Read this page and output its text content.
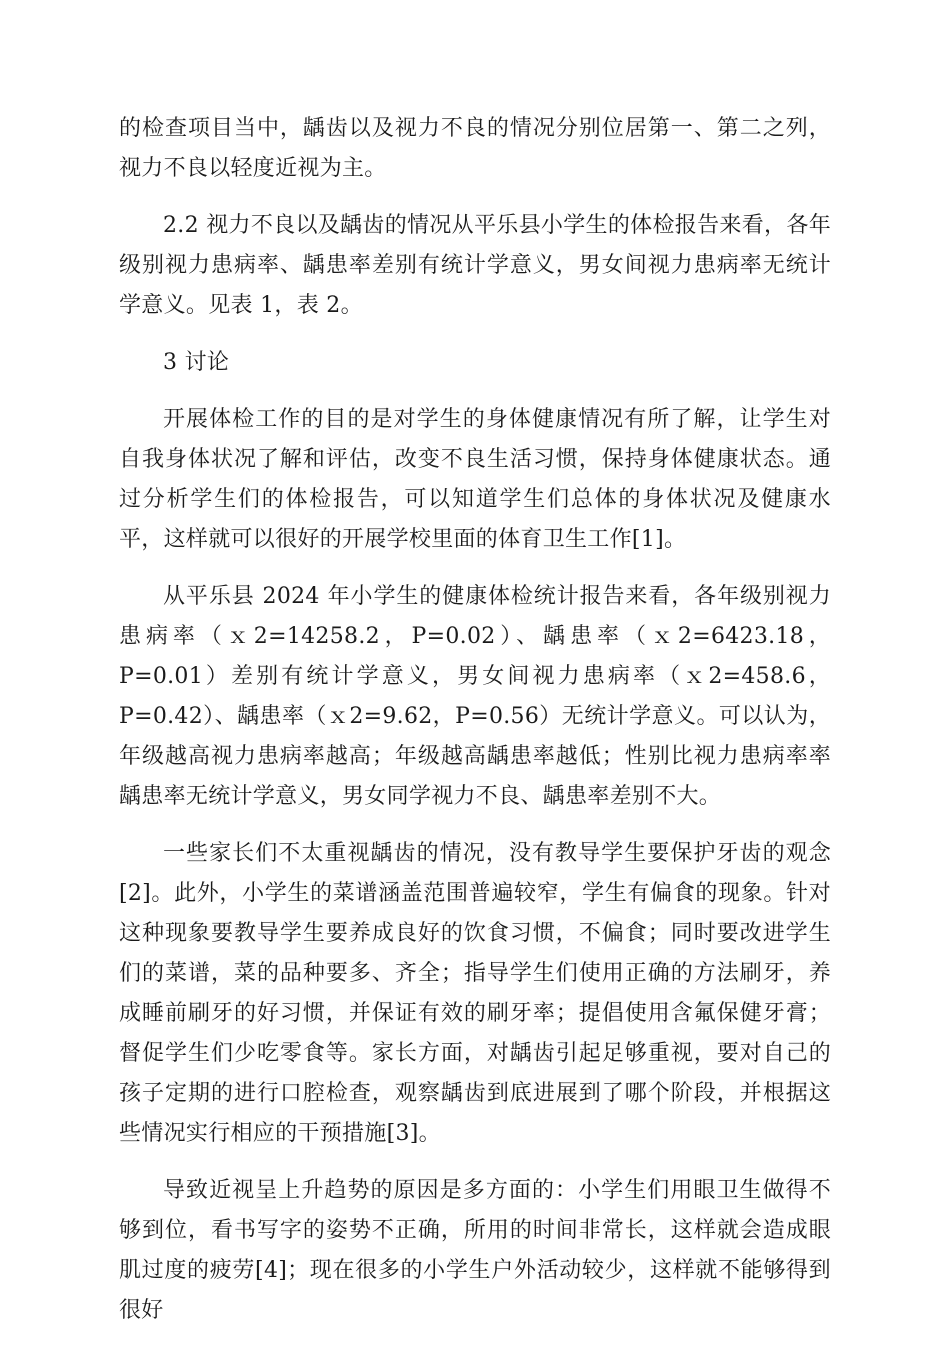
的检查项目当中，龋齿以及视力不良的情况分别位居第一、第二之列，视力不良以轻度近视为主。

2.2 视力不良以及龋齿的情况从平乐县小学生的体检报告来看，各年级别视力患病率、龋患率差别有统计学意义，男女间视力患病率无统计学意义。见表 1，表 2。

3 讨论

开展体检工作的目的是对学生的身体健康情况有所了解，让学生对自我身体状况了解和评估，改变不良生活习惯，保持身体健康状态。通过分析学生们的体检报告，可以知道学生们总体的身体状况及健康水平，这样就可以很好的开展学校里面的体育卫生工作[1]。

从平乐县 2024 年小学生的健康体检统计报告来看，各年级别视力患病率（ｘ2=14258.2，P=0.02）、龋患率（ｘ2=6423.18，P=0.01）差别有统计学意义，男女间视力患病率（ｘ2=458.6，P=0.42）、龋患率（ｘ2=9.62，P=0.56）无统计学意义。可以认为，年级越高视力患病率越高；年级越高龋患率越低；性别比视力患病率率龋患率无统计学意义，男女同学视力不良、龋患率差别不大。

一些家长们不太重视龋齿的情况，没有教导学生要保护牙齿的观念[2]。此外，小学生的菜谱涵盖范围普遍较窄，学生有偏食的现象。针对这种现象要教导学生要养成良好的饮食习惯，不偏食；同时要改进学生们的菜谱，菜的品种要多、齐全；指导学生们使用正确的方法刷牙，养成睡前刷牙的好习惯，并保证有效的刷牙率；提倡使用含氟保健牙膏；督促学生们少吃零食等。家长方面，对龋齿引起足够重视，要对自己的孩子定期的进行口腔检查，观察龋齿到底进展到了哪个阶段，并根据这些情况实行相应的干预措施[3]。

导致近视呈上升趋势的原因是多方面的：小学生们用眼卫生做得不够到位，看书写字的姿势不正确，所用的时间非常长，这样就会造成眼肌过度的疲劳[4]；现在很多的小学生户外活动较少，这样就不能够得到很好
